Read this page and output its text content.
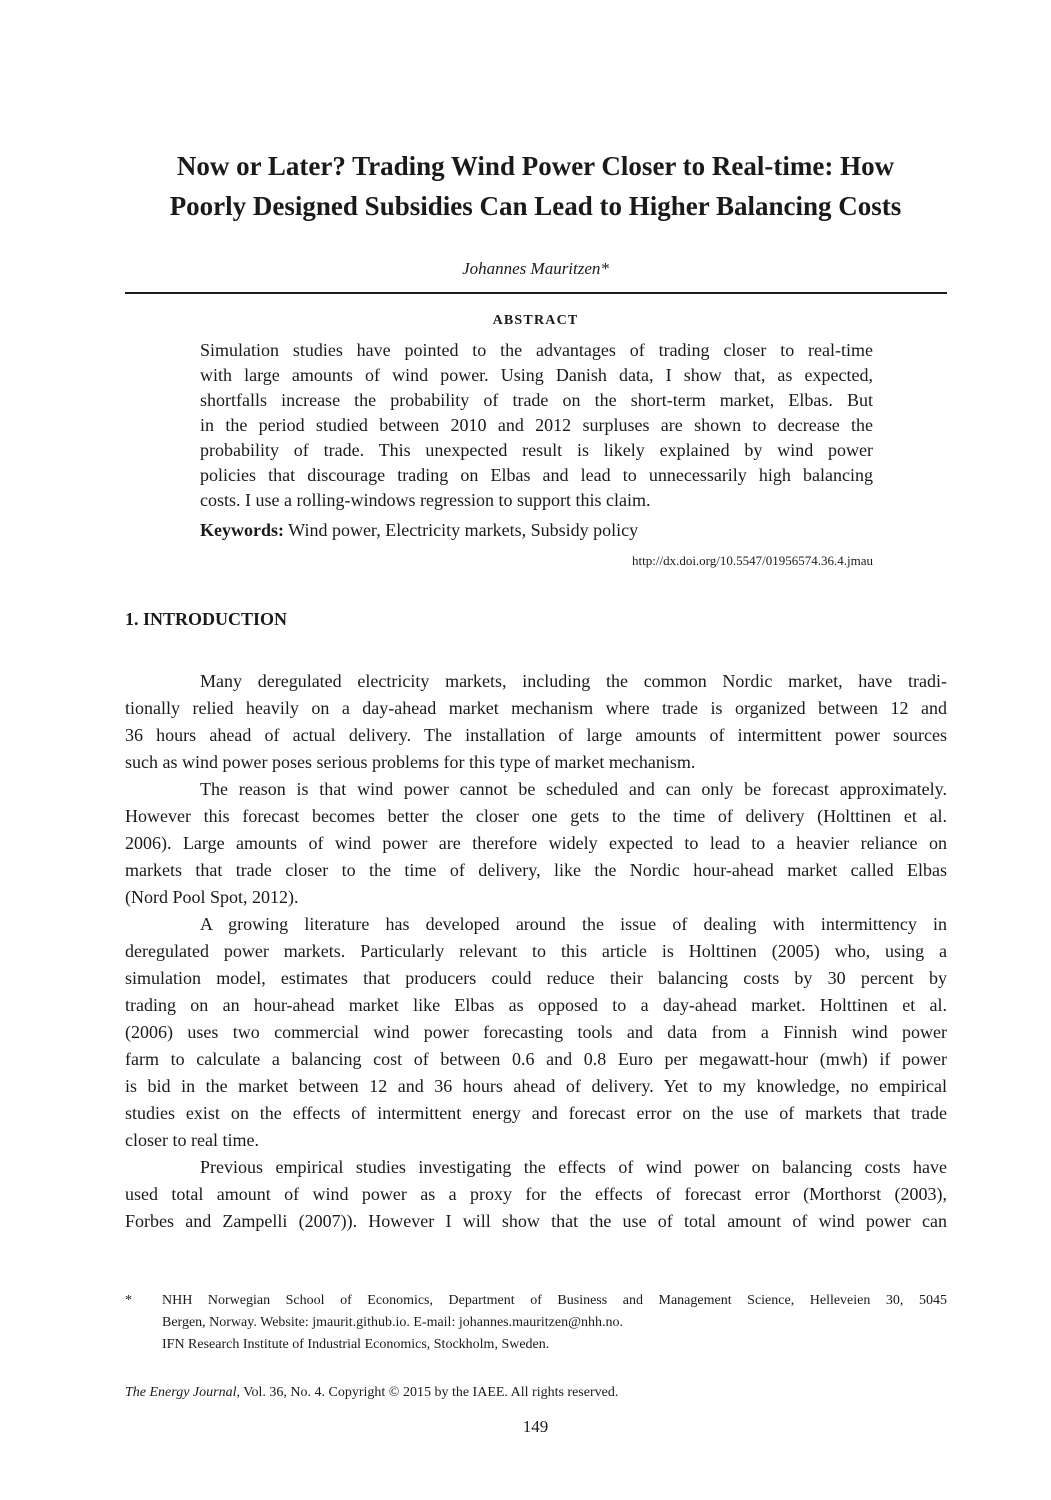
Now or Later? Trading Wind Power Closer to Real-time: How
Poorly Designed Subsidies Can Lead to Higher Balancing Costs
Johannes Mauritzen*
ABSTRACT
Simulation studies have pointed to the advantages of trading closer to real-time
with large amounts of wind power. Using Danish data, I show that, as expected,
shortfalls increase the probability of trade on the short-term market, Elbas. But
in the period studied between 2010 and 2012 surpluses are shown to decrease the
probability of trade. This unexpected result is likely explained by wind power
policies that discourage trading on Elbas and lead to unnecessarily high balancing
costs. I use a rolling-windows regression to support this claim.
Keywords: Wind power, Electricity markets, Subsidy policy
http://dx.doi.org/10.5547/01956574.36.4.jmau
1. INTRODUCTION
Many deregulated electricity markets, including the common Nordic market, have tradi-
tionally relied heavily on a day-ahead market mechanism where trade is organized between 12 and
36 hours ahead of actual delivery. The installation of large amounts of intermittent power sources
such as wind power poses serious problems for this type of market mechanism.
The reason is that wind power cannot be scheduled and can only be forecast approximately.
However this forecast becomes better the closer one gets to the time of delivery (Holttinen et al.
2006). Large amounts of wind power are therefore widely expected to lead to a heavier reliance on
markets that trade closer to the time of delivery, like the Nordic hour-ahead market called Elbas
(Nord Pool Spot, 2012).
A growing literature has developed around the issue of dealing with intermittency in
deregulated power markets. Particularly relevant to this article is Holttinen (2005) who, using a
simulation model, estimates that producers could reduce their balancing costs by 30 percent by
trading on an hour-ahead market like Elbas as opposed to a day-ahead market. Holttinen et al.
(2006) uses two commercial wind power forecasting tools and data from a Finnish wind power
farm to calculate a balancing cost of between 0.6 and 0.8 Euro per megawatt-hour (mwh) if power
is bid in the market between 12 and 36 hours ahead of delivery. Yet to my knowledge, no empirical
studies exist on the effects of intermittent energy and forecast error on the use of markets that trade
closer to real time.
Previous empirical studies investigating the effects of wind power on balancing costs have
used total amount of wind power as a proxy for the effects of forecast error (Morthorst (2003),
Forbes and Zampelli (2007)). However I will show that the use of total amount of wind power can
* NHH Norwegian School of Economics, Department of Business and Management Science, Helleveien 30, 5045
Bergen, Norway. Website: jmaurit.github.io. E-mail: johannes.mauritzen@nhh.no.
IFN Research Institute of Industrial Economics, Stockholm, Sweden.
The Energy Journal, Vol. 36, No. 4. Copyright © 2015 by the IAEE. All rights reserved.
149
